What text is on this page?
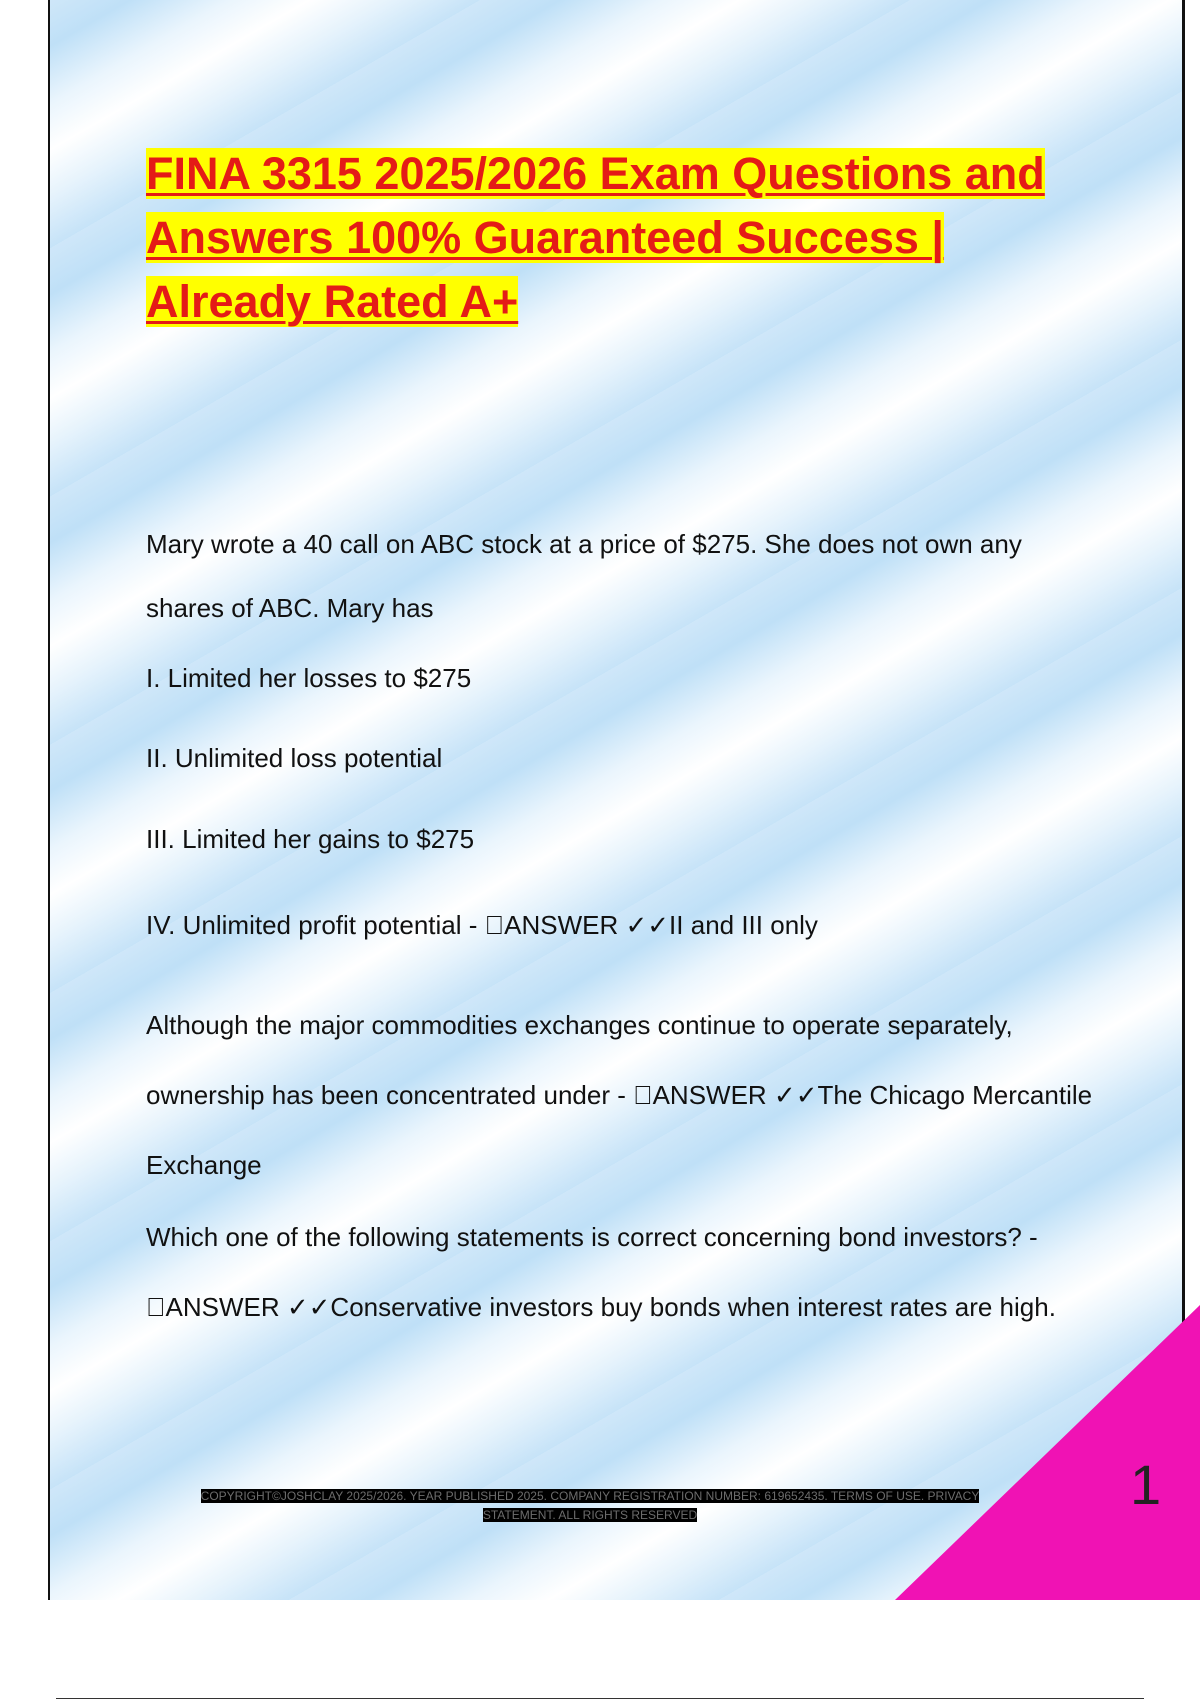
FINA 3315 2025/2026 Exam Questions and Answers 100% Guaranteed Success | Already Rated A+

Mary wrote a 40 call on ABC stock at a price of $275. She does not own any shares of ABC. Mary has

I. Limited her losses to $275

II. Unlimited loss potential

III. Limited her gains to $275

IV. Unlimited profit potential -  ANSWER ✓✓II and III only

Although the major commodities exchanges continue to operate separately, ownership has been concentrated under -  ANSWER ✓✓The Chicago Mercantile Exchange

Which one of the following statements is correct concerning bond investors? -  ANSWER ✓✓Conservative investors buy bonds when interest rates are high.

1
COPYRIGHT©JOSHCLAY 2025/2026. YEAR PUBLISHED 2025. COMPANY REGISTRATION NUMBER: 619652435. TERMS OF USE. PRIVACY STATEMENT. ALL RIGHTS RESERVED
